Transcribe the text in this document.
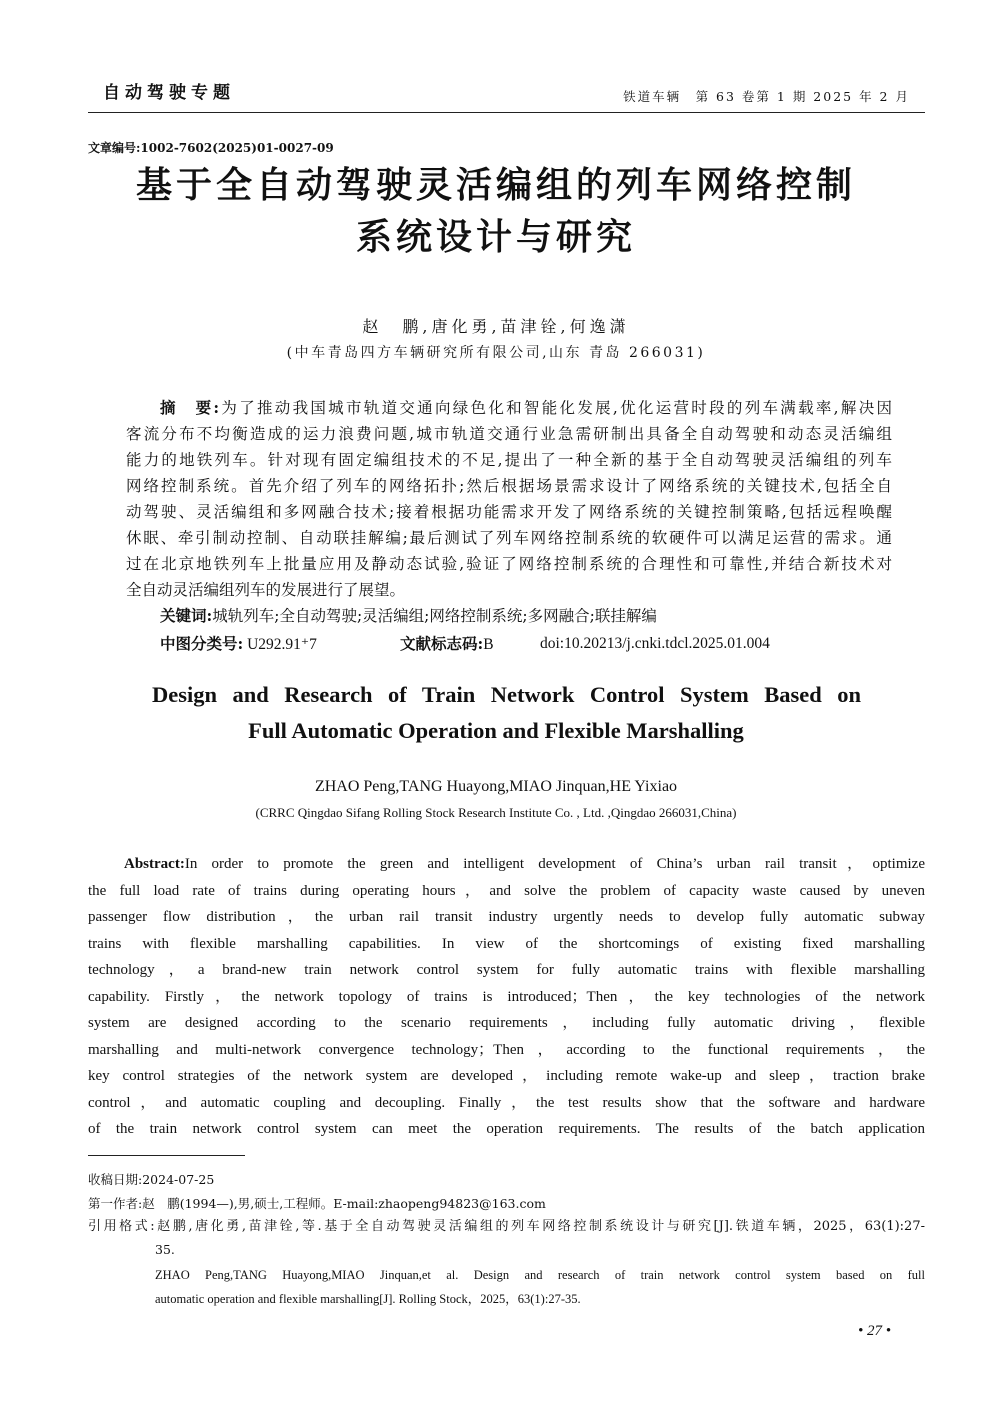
自动驾驶专题	铁道车辆　第 63 卷第 1 期 2025 年 2 月
文章编号:1002-7602(2025)01-0027-09
基于全自动驾驶灵活编组的列车网络控制
系统设计与研究
赵　鹏,唐化勇,苗津铨,何逸潇
(中车青岛四方车辆研究所有限公司,山东 青岛 266031)
摘　要:为了推动我国城市轨道交通向绿色化和智能化发展,优化运营时段的列车满载率,解决因
客流分布不均衡造成的运力浪费问题,城市轨道交通行业急需研制出具备全自动驾驶和动态灵活编组
能力的地铁列车。针对现有固定编组技术的不足,提出了一种全新的基于全自动驾驶灵活编组的列车
网络控制系统。首先介绍了列车的网络拓扑;然后根据场景需求设计了网络系统的关键技术,包括全自
动驾驶、灵活编组和多网融合技术;接着根据功能需求开发了网络系统的关键控制策略,包括远程唤醒
休眠、牵引制动控制、自动联挂解编;最后测试了列车网络控制系统的软硬件可以满足运营的需求。通
过在北京地铁列车上批量应用及静动态试验,验证了网络控制系统的合理性和可靠性,并结合新技术对
全自动灵活编组列车的发展进行了展望。
关键词:城轨列车;全自动驾驶;灵活编组;网络控制系统;多网融合;联挂解编
中图分类号: U292.91⁺7	文献标志码:B	doi:10.20213/j.cnki.tdcl.2025.01.004
Design and Research of Train Network Control System Based on
Full Automatic Operation and Flexible Marshalling
ZHAO Peng,TANG Huayong,MIAO Jinquan,HE Yixiao
(CRRC Qingdao Sifang Rolling Stock Research Institute Co. , Ltd. ,Qingdao 266031,China)
Abstract:In order to promote the green and intelligent development of China’s urban rail transit，optimize
the full load rate of trains during operating hours，and solve the problem of capacity waste caused by uneven
passenger flow distribution，the urban rail transit industry urgently needs to develop fully automatic subway
trains with flexible marshalling capabilities. In view of the shortcomings of existing fixed marshalling
technology，a brand-new train network control system for fully automatic trains with flexible marshalling
capability. Firstly，the network topology of trains is introduced；Then，the key technologies of the network
system are designed according to the scenario requirements，including fully automatic driving，flexible
marshalling and multi-network convergence technology；Then，according to the functional requirements，the
key control strategies of the network system are developed，including remote wake-up and sleep，traction brake
control，and automatic coupling and decoupling. Finally，the test results show that the software and hardware
of the train network control system can meet the operation requirements. The results of the batch application
收稿日期:2024-07-25
第一作者:赵　鹏(1994—),男,硕士,工程师。E-mail:zhaopeng94823@163.com
引用格式:赵鹏,唐化勇,苗津铨,等.基于全自动驾驶灵活编组的列车网络控制系统设计与研究[J].铁道车辆，2025，63(1):27-
35.
ZHAO Peng,TANG Huayong,MIAO Jinquan,et al. Design and research of train network control system based on full
automatic operation and flexible marshalling[J]. Rolling Stock，2025，63(1):27-35.
• 27 •
